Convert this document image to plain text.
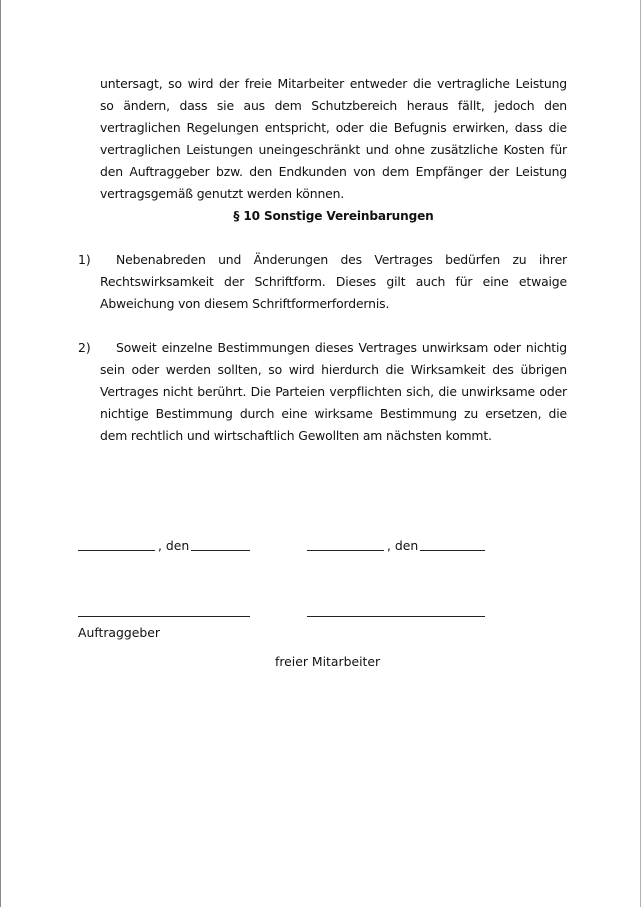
untersagt, so wird der freie Mitarbeiter entweder die vertragliche Leistung so ändern, dass sie aus dem Schutzbereich heraus fällt, jedoch den vertraglichen Regelungen entspricht, oder die Befugnis erwirken, dass die vertraglichen Leistungen uneingeschränkt und ohne zusätzliche Kosten für den Auftraggeber bzw. den Endkunden von dem Empfänger der Leistung vertragsgemäß genutzt werden können.
§ 10 Sonstige Vereinbarungen
1)	Nebenabreden und Änderungen des Vertrages bedürfen zu ihrer Rechtswirksamkeit der Schriftform. Dieses gilt auch für eine etwaige Abweichung von diesem Schriftformerfordernis.
2)	Soweit einzelne Bestimmungen dieses Vertrages unwirksam oder nichtig sein oder werden sollten, so wird hierdurch die Wirksamkeit des übrigen Vertrages nicht berührt. Die Parteien verpflichten sich, die unwirksame oder nichtige Bestimmung durch eine wirksame Bestimmung zu ersetzen, die dem rechtlich und wirtschaftlich Gewollten am nächsten kommt.
, den	, den
Auftraggeber
freier Mitarbeiter
